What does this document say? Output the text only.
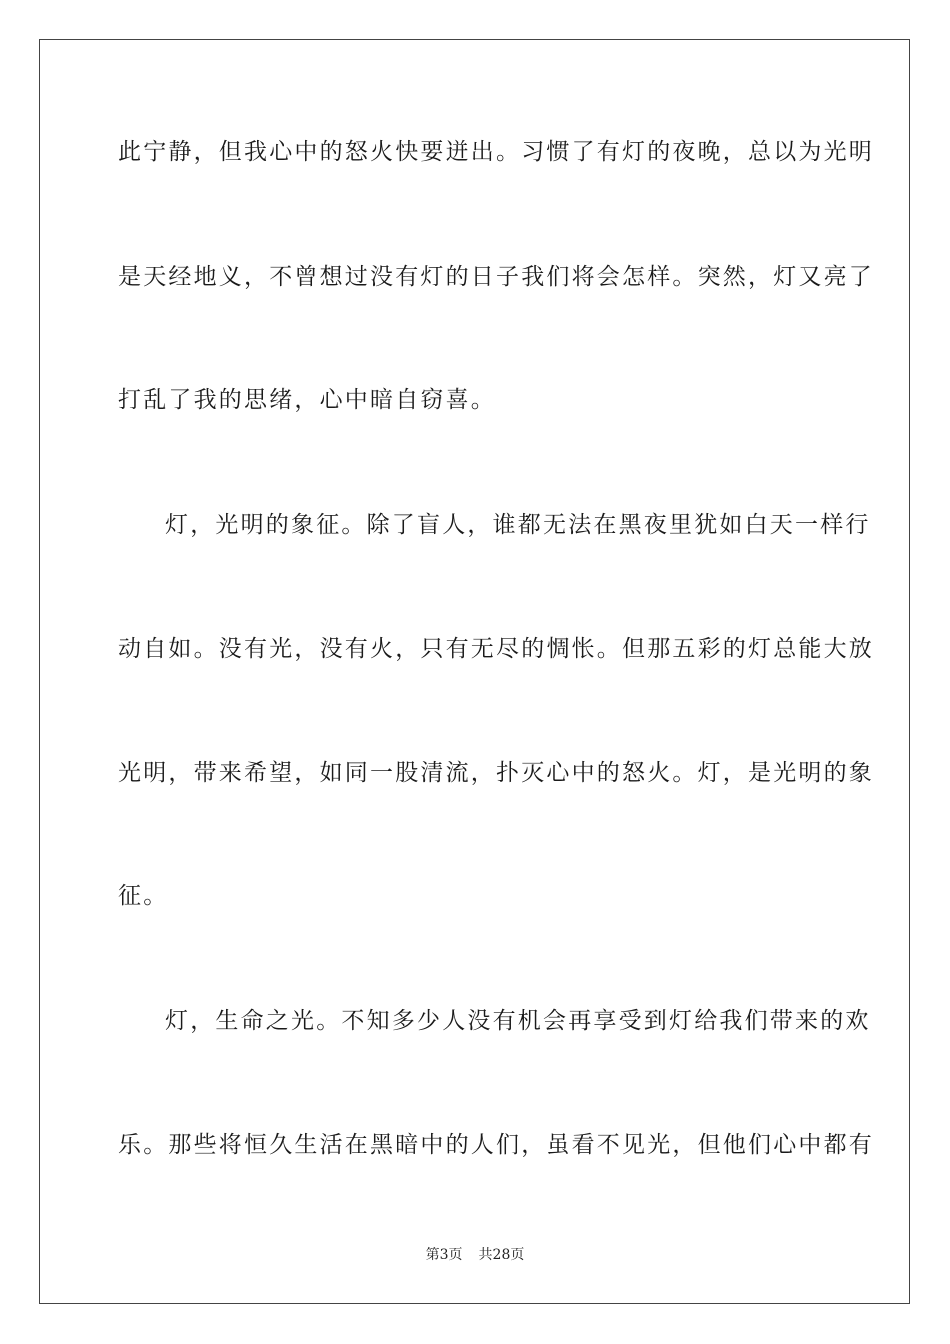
此宁静，但我心中的怒火快要迸出。习惯了有灯的夜晚，总以为光明
是天经地义，不曾想过没有灯的日子我们将会怎样。突然，灯又亮了
打乱了我的思绪，心中暗自窃喜。
灯，光明的象征。除了盲人，谁都无法在黑夜里犹如白天一样行
动自如。没有光，没有火，只有无尽的惆怅。但那五彩的灯总能大放
光明，带来希望，如同一股清流，扑灭心中的怒火。灯，是光明的象
征。
灯，生命之光。不知多少人没有机会再享受到灯给我们带来的欢
乐。那些将恒久生活在黑暗中的人们，虽看不见光，但他们心中都有
第3页 共28页
